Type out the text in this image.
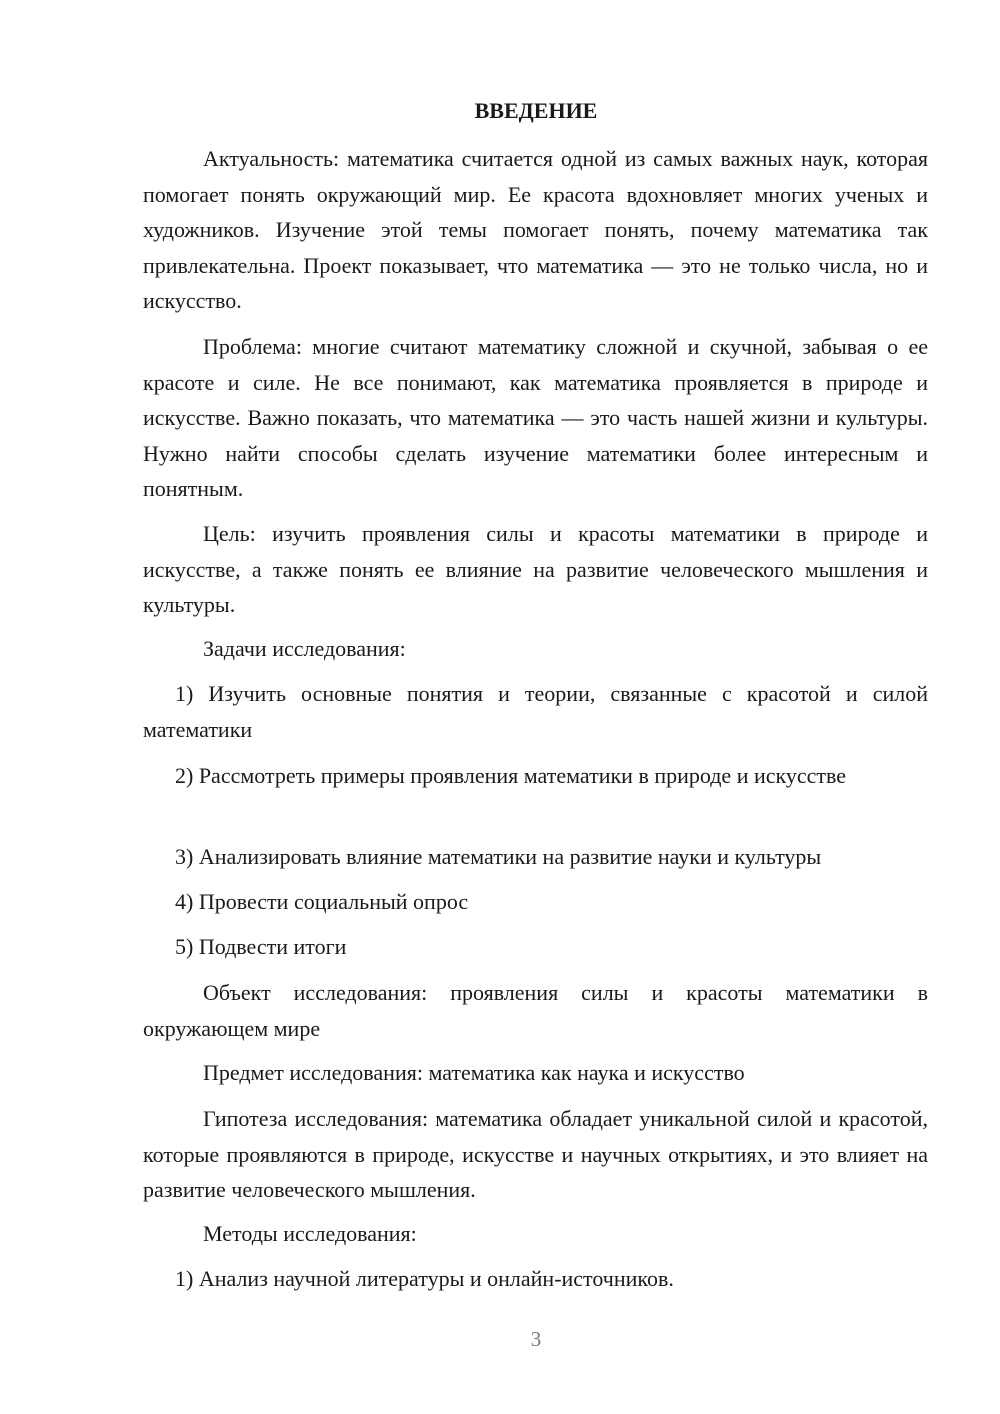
ВВЕДЕНИЕ

Актуальность: математика считается одной из самых важных наук, которая помогает понять окружающий мир. Ее красота вдохновляет многих ученых и художников. Изучение этой темы помогает понять, почему математика так привлекательна. Проект показывает, что математика — это не только числа, но и искусство.

Проблема: многие считают математику сложной и скучной, забывая о ее красоте и силе. Не все понимают, как математика проявляется в природе и искусстве. Важно показать, что математика — это часть нашей жизни и культуры. Нужно найти способы сделать изучение математики более интересным и понятным.

Цель: изучить проявления силы и красоты математики в природе и искусстве, а также понять ее влияние на развитие человеческого мышления и культуры.

Задачи исследования:

1) Изучить основные понятия и теории, связанные с красотой и силой математики

2) Рассмотреть примеры проявления математики в природе и искусстве

3) Анализировать влияние математики на развитие науки и культуры

4) Провести социальный опрос

5) Подвести итоги

Объект исследования: проявления силы и красоты математики в окружающем мире

Предмет исследования: математика как наука и искусство

Гипотеза исследования: математика обладает уникальной силой и красотой, которые проявляются в природе, искусстве и научных открытиях, и это влияет на развитие человеческого мышления.

Методы исследования:

1) Анализ научной литературы и онлайн-источников.

3
